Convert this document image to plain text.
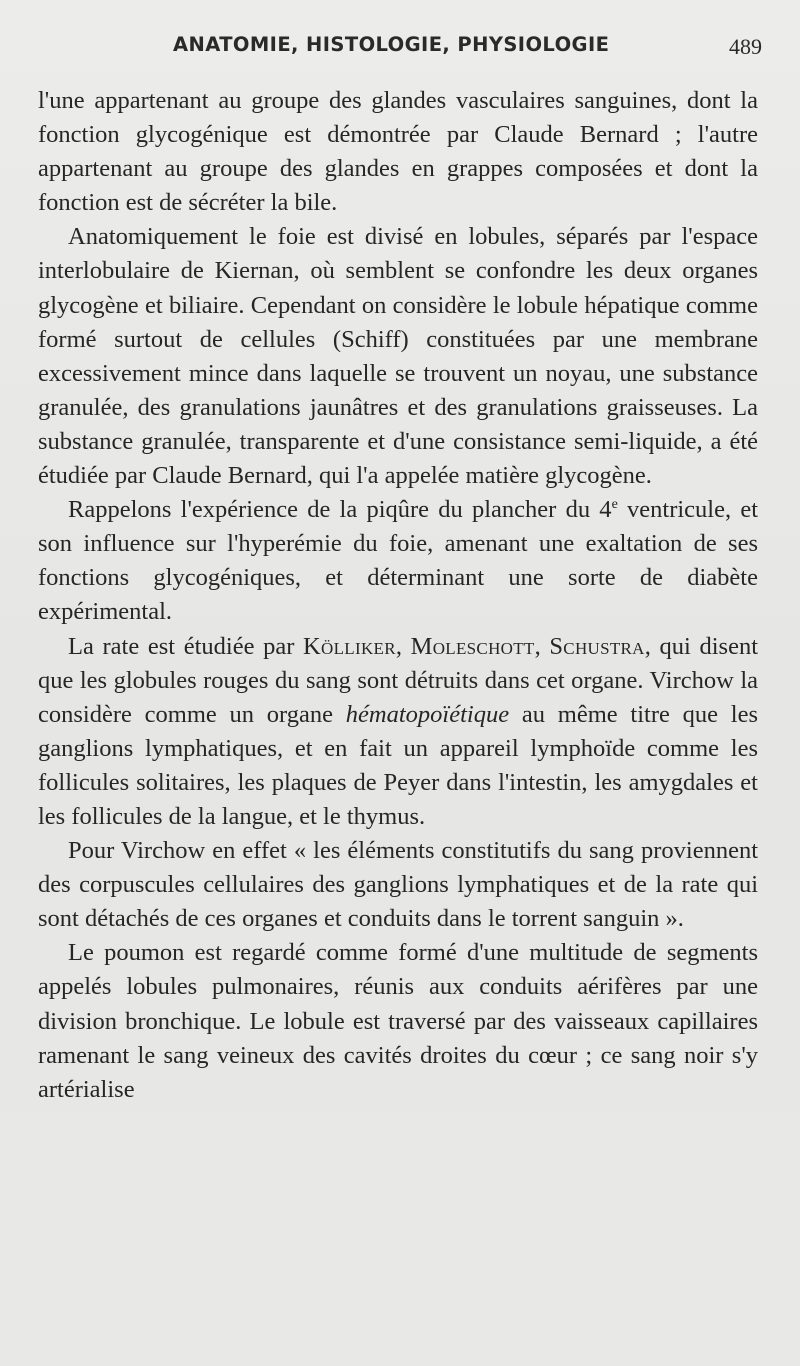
ANATOMIE, HISTOLOGIE, PHYSIOLOGIE	489

l'une appartenant au groupe des glandes vasculaires sanguines, dont la fonction glycogénique est démontrée par Claude Bernard ; l'autre appartenant au groupe des glandes en grappes composées et dont la fonction est de sécréter la bile.

Anatomiquement le foie est divisé en lobules, séparés par l'espace interlobulaire de Kiernan, où semblent se confondre les deux organes glycogène et biliaire. Cependant on considère le lobule hépatique comme formé surtout de cellules (Schiff) constituées par une membrane excessivement mince dans laquelle se trouvent un noyau, une substance granulée, des granulations jaunâtres et des granulations graisseuses. La substance granulée, transparente et d'une consistance semi-liquide, a été étudiée par Claude Bernard, qui l'a appelée matière glycogène.

Rappelons l'expérience de la piqûre du plancher du 4e ventricule, et son influence sur l'hyperémie du foie, amenant une exaltation de ses fonctions glycogéniques, et déterminant une sorte de diabète expérimental.

La rate est étudiée par Kölliker, Moleschott, Schustra, qui disent que les globules rouges du sang sont détruits dans cet organe. Virchow la considère comme un organe hématopoïétique au même titre que les ganglions lymphatiques, et en fait un appareil lymphoïde comme les follicules solitaires, les plaques de Peyer dans l'intestin, les amygdales et les follicules de la langue, et le thymus.

Pour Virchow en effet « les éléments constitutifs du sang proviennent des corpuscules cellulaires des ganglions lymphatiques et de la rate qui sont détachés de ces organes et conduits dans le torrent sanguin ».

Le poumon est regardé comme formé d'une multitude de segments appelés lobules pulmonaires, réunis aux conduits aérifères par une division bronchique. Le lobule est traversé par des vaisseaux capillaires ramenant le sang veineux des cavités droites du cœur ; ce sang noir s'y artérialise
